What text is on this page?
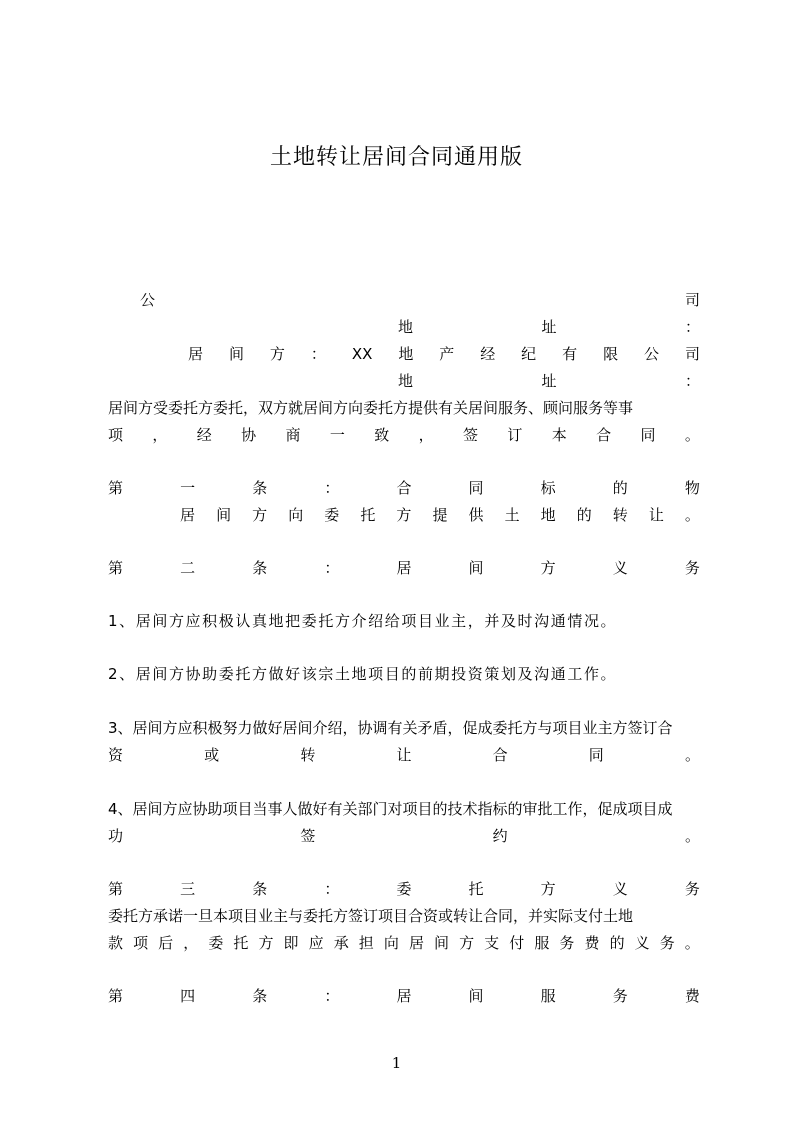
土地转让居间合同通用版
公	司
地	址	：
居 间 方 ： XX 地 产 经 纪 有 限 公 司
地	址	：
居间方受委托方委托，双方就居间方向委托方提供有关居间服务、顾问服务等事
项 ， 经 协 商 一 致 ， 签 订 本 合 同 。
第	一	条	：	合	同	标	的	物
居 间 方 向 委 托 方 提 供 土 地 的 转 让 。
第	二	条	：	居	间	方	义	务
1、居间方应积极认真地把委托方介绍给项目业主，并及时沟通情况。
2、居间方协助委托方做好该宗土地项目的前期投资策划及沟通工作。
3、居间方应积极努力做好居间介绍，协调有关矛盾，促成委托方与项目业主方签订合
资	或	转	让	合	同	。
4、居间方应协助项目当事人做好有关部门对项目的技术指标的审批工作，促成项目成
功	签	约	。
第	三	条	：	委	托	方	义	务
委托方承诺一旦本项目业主与委托方签订项目合资或转让合同，并实际支付土地
款 项 后 ， 委 托 方 即 应 承 担 向 居 间 方 支 付 服 务 费 的 义 务 。
第	四	条	：	居	间	服	务	费
1
